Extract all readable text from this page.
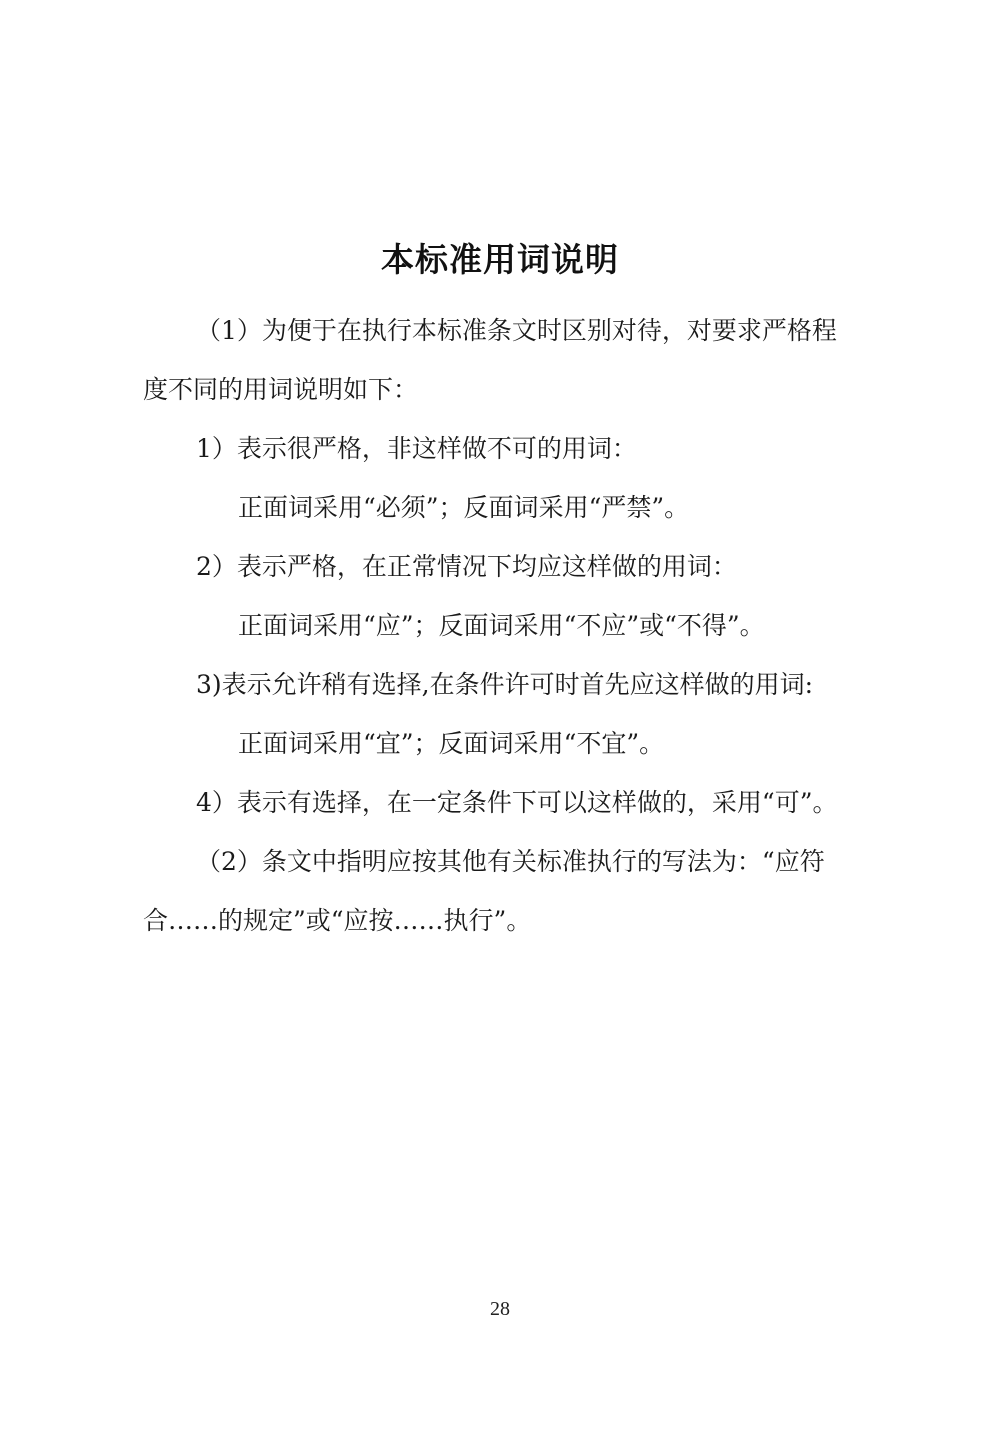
本标准用词说明
（1）为便于在执行本标准条文时区别对待，对要求严格程
度不同的用词说明如下：
1）表示很严格，非这样做不可的用词：
正面词采用“必须”；反面词采用“严禁”。
2）表示严格，在正常情况下均应这样做的用词：
正面词采用“应”；反面词采用“不应”或“不得”。
3)表示允许稍有选择,在条件许可时首先应这样做的用词:
正面词采用“宜”；反面词采用“不宜”。
4）表示有选择，在一定条件下可以这样做的，采用“可”。
（2）条文中指明应按其他有关标准执行的写法为：“应符
合……的规定”或“应按……执行”。
28
